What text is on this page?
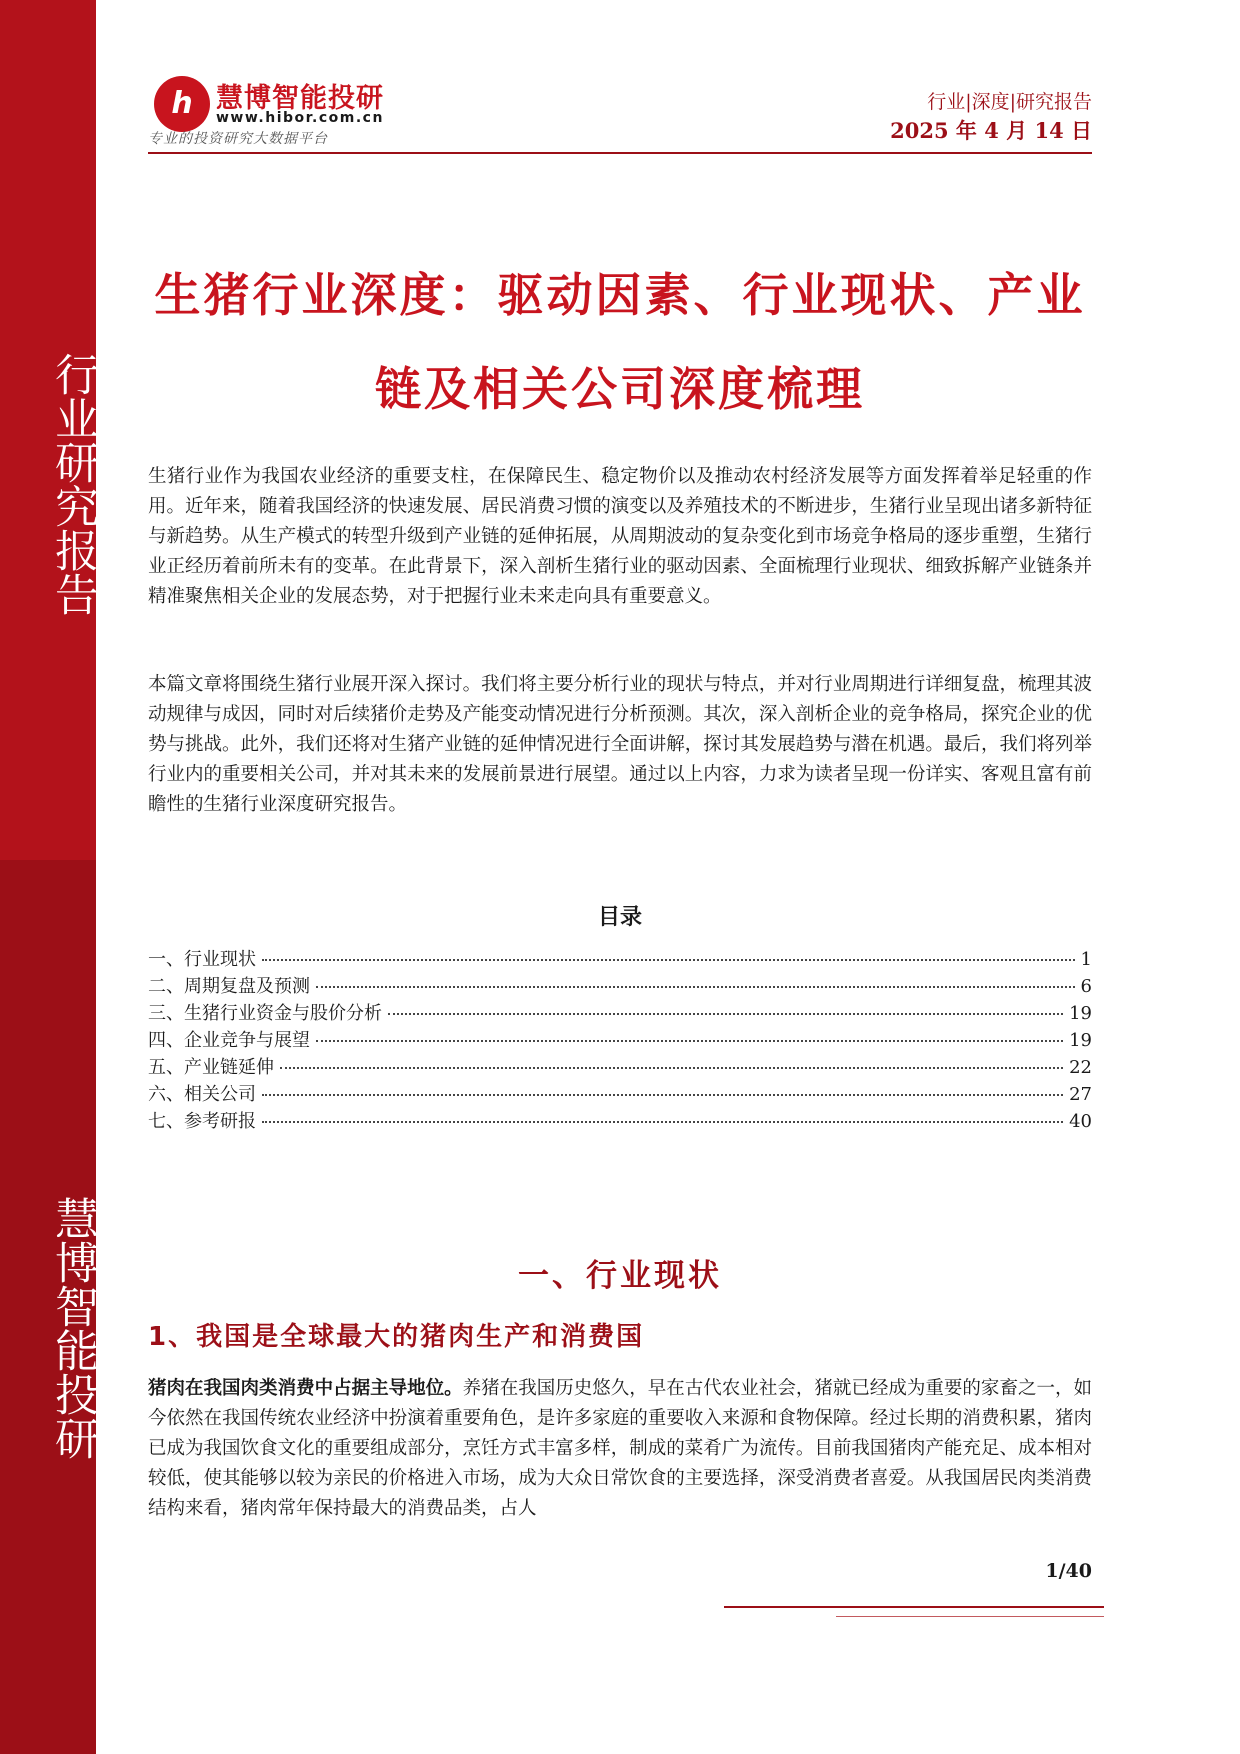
行业研究报告
慧博智能投研
h 慧博智能投研
www.hibor.com.cn
专业的投资研究大数据平台
行业|深度|研究报告
2025 年 4 月 14 日
生猪行业深度：驱动因素、行业现状、产业
链及相关公司深度梳理

生猪行业作为我国农业经济的重要支柱，在保障民生、稳定物价以及推动农村经济发展等方面发挥着举足轻重的作用。近年来，随着我国经济的快速发展、居民消费习惯的演变以及养殖技术的不断进步，生猪行业呈现出诸多新特征与新趋势。从生产模式的转型升级到产业链的延伸拓展，从周期波动的复杂变化到市场竞争格局的逐步重塑，生猪行业正经历着前所未有的变革。在此背景下，深入剖析生猪行业的驱动因素、全面梳理行业现状、细致拆解产业链条并精准聚焦相关企业的发展态势，对于把握行业未来走向具有重要意义。

本篇文章将围绕生猪行业展开深入探讨。我们将主要分析行业的现状与特点，并对行业周期进行详细复盘，梳理其波动规律与成因，同时对后续猪价走势及产能变动情况进行分析预测。其次，深入剖析企业的竞争格局，探究企业的优势与挑战。此外，我们还将对生猪产业链的延伸情况进行全面讲解，探讨其发展趋势与潜在机遇。最后，我们将列举行业内的重要相关公司，并对其未来的发展前景进行展望。通过以上内容，力求为读者呈现一份详实、客观且富有前瞻性的生猪行业深度研究报告。

目录
一、行业现状	1
二、周期复盘及预测	6
三、生猪行业资金与股价分析	19
四、企业竞争与展望	19
五、产业链延伸	22
六、相关公司	27
七、参考研报	40
一、行业现状
1、我国是全球最大的猪肉生产和消费国

猪肉在我国肉类消费中占据主导地位。养猪在我国历史悠久，早在古代农业社会，猪就已经成为重要的家畜之一，如今依然在我国传统农业经济中扮演着重要角色，是许多家庭的重要收入来源和食物保障。经过长期的消费积累，猪肉已成为我国饮食文化的重要组成部分，烹饪方式丰富多样，制成的菜肴广为流传。目前我国猪肉产能充足、成本相对较低，使其能够以较为亲民的价格进入市场，成为大众日常饮食的主要选择，深受消费者喜爱。从我国居民肉类消费结构来看，猪肉常年保持最大的消费品类，占人

1/40
